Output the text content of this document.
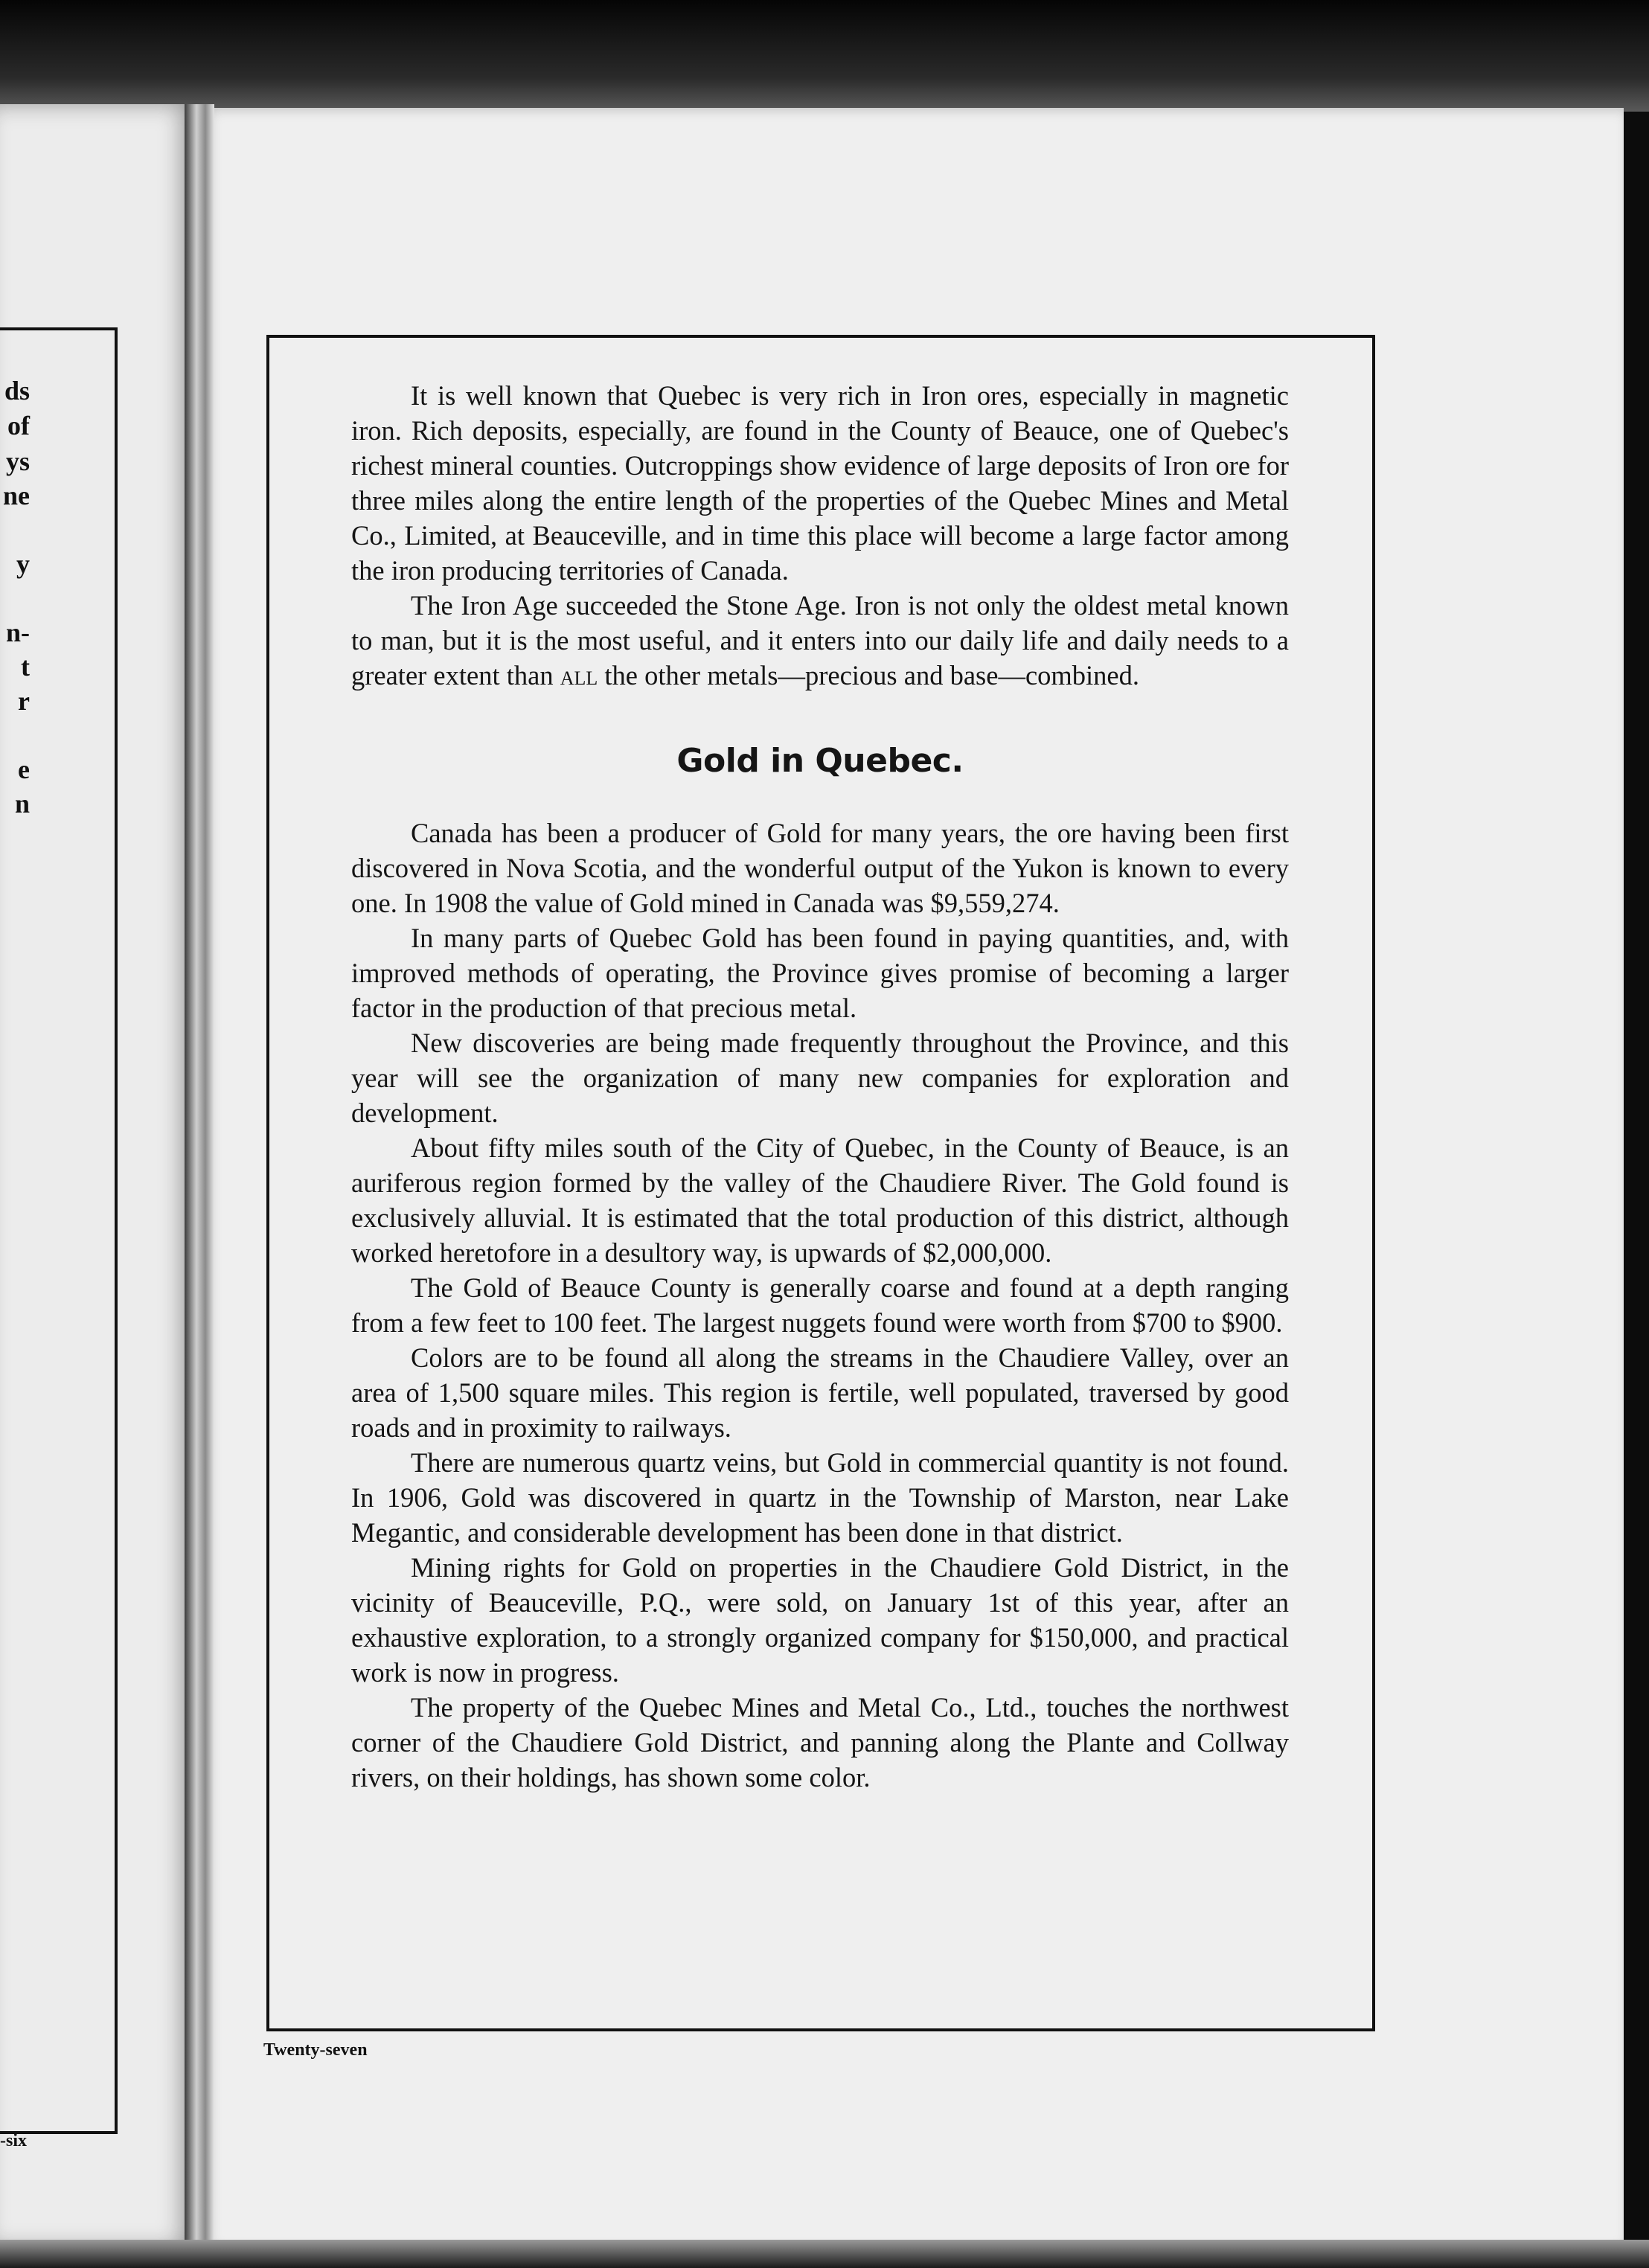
ds
of
ys
ne
y
n-
t
r
e
n
-six

It is well known that Quebec is very rich in Iron ores, especially in magnetic iron. Rich deposits, especially, are found in the County of Beauce, one of Quebec's richest mineral counties. Outcroppings show evidence of large deposits of Iron ore for three miles along the entire length of the properties of the Quebec Mines and Metal Co., Limited, at Beauceville, and in time this place will become a large factor among the iron producing territories of Canada.

The Iron Age succeeded the Stone Age. Iron is not only the oldest metal known to man, but it is the most useful, and it enters into our daily life and daily needs to a greater extent than all the other metals—precious and base—combined.

Gold in Quebec.

Canada has been a producer of Gold for many years, the ore having been first discovered in Nova Scotia, and the wonderful output of the Yukon is known to every one. In 1908 the value of Gold mined in Canada was $9,559,274.

In many parts of Quebec Gold has been found in paying quantities, and, with improved methods of operating, the Province gives promise of becoming a larger factor in the production of that precious metal.

New discoveries are being made frequently throughout the Province, and this year will see the organization of many new companies for exploration and development.

About fifty miles south of the City of Quebec, in the County of Beauce, is an auriferous region formed by the valley of the Chaudiere River. The Gold found is exclusively alluvial. It is estimated that the total production of this district, although worked heretofore in a desultory way, is upwards of $2,000,000.

The Gold of Beauce County is generally coarse and found at a depth ranging from a few feet to 100 feet. The largest nuggets found were worth from $700 to $900.

Colors are to be found all along the streams in the Chaudiere Valley, over an area of 1,500 square miles. This region is fertile, well populated, traversed by good roads and in proximity to railways.

There are numerous quartz veins, but Gold in commercial quantity is not found. In 1906, Gold was discovered in quartz in the Township of Marston, near Lake Megantic, and considerable development has been done in that district.

Mining rights for Gold on properties in the Chaudiere Gold District, in the vicinity of Beauceville, P.Q., were sold, on January 1st of this year, after an exhaustive exploration, to a strongly organized company for $150,000, and practical work is now in progress.

The property of the Quebec Mines and Metal Co., Ltd., touches the northwest corner of the Chaudiere Gold District, and panning along the Plante and Collway rivers, on their holdings, has shown some color.

Twenty-seven
